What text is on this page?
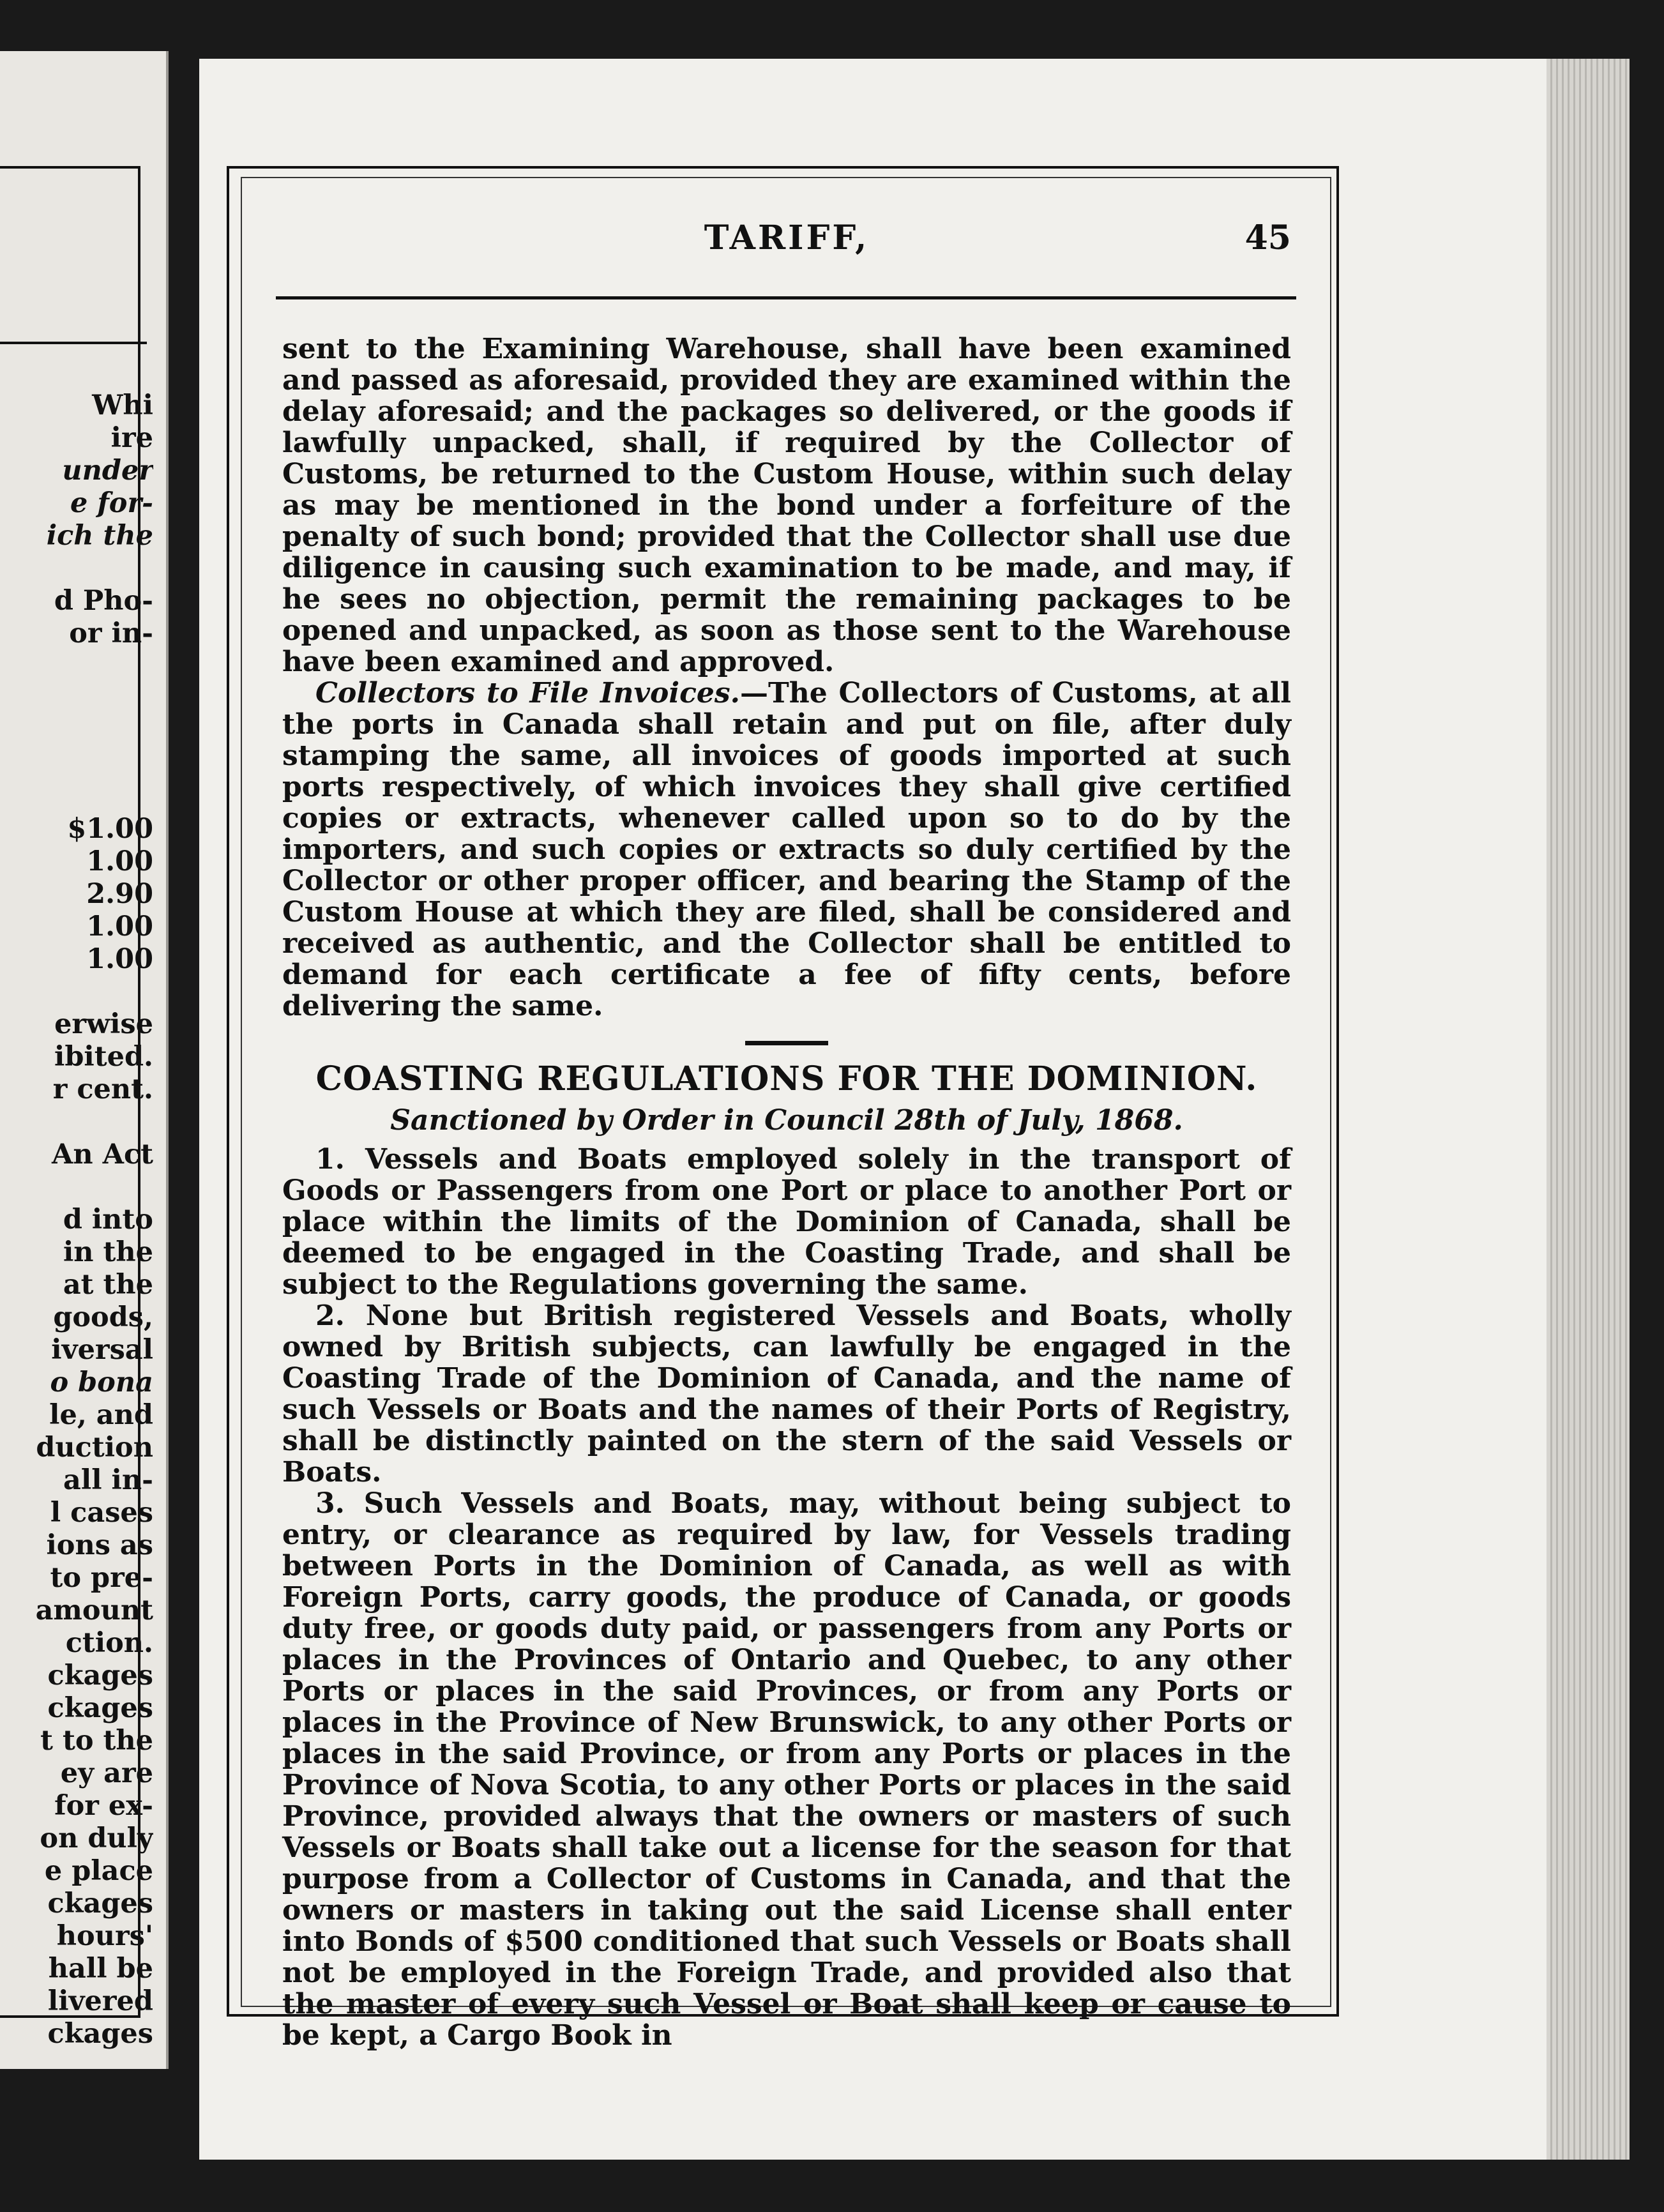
Whi
ire
under
e for-
ich the
d Pho-
or in-
$1.00
1.00
2.90
1.00
1.00
erwise
ibited.
r cent.
An Act
d into
in the
at the
goods,
iversal
o bona
le, and
duction
all in-
l cases
ions as
to pre-
amount
ction.
ckages
ckages
t to the
ey are
for ex-
on duly
e place
ckages
hours'
hall be
livered
ckages
TARIFF,	45

sent to the Examining Warehouse, shall have been examined and passed as aforesaid, provided they are examined within the delay aforesaid; and the packages so delivered, or the goods if lawfully unpacked, shall, if required by the Collector of Customs, be returned to the Custom House, within such delay as may be mentioned in the bond under a forfeiture of the penalty of such bond; provided that the Collector shall use due diligence in causing such examination to be made, and may, if he sees no objection, permit the remaining packages to be opened and unpacked, as soon as those sent to the Warehouse have been examined and approved.

Collectors to File Invoices.—The Collectors of Customs, at all the ports in Canada shall retain and put on file, after duly stamping the same, all invoices of goods imported at such ports respectively, of which invoices they shall give certified copies or extracts, whenever called upon so to do by the importers, and such copies or extracts so duly certified by the Collector or other proper officer, and bearing the Stamp of the Custom House at which they are filed, shall be considered and received as authentic, and the Collector shall be entitled to demand for each certificate a fee of fifty cents, before delivering the same.

COASTING REGULATIONS FOR THE DOMINION.

Sanctioned by Order in Council 28th of July, 1868.

1. Vessels and Boats employed solely in the transport of Goods or Passengers from one Port or place to another Port or place within the limits of the Dominion of Canada, shall be deemed to be engaged in the Coasting Trade, and shall be subject to the Regulations governing the same.

2. None but British registered Vessels and Boats, wholly owned by British subjects, can lawfully be engaged in the Coasting Trade of the Dominion of Canada, and the name of such Vessels or Boats and the names of their Ports of Registry, shall be distinctly painted on the stern of the said Vessels or Boats.

3. Such Vessels and Boats, may, without being subject to entry, or clearance as required by law, for Vessels trading between Ports in the Dominion of Canada, as well as with Foreign Ports, carry goods, the produce of Canada, or goods duty free, or goods duty paid, or passengers from any Ports or places in the Provinces of Ontario and Quebec, to any other Ports or places in the said Provinces, or from any Ports or places in the Province of New Brunswick, to any other Ports or places in the said Province, or from any Ports or places in the Province of Nova Scotia, to any other Ports or places in the said Province, provided always that the owners or masters of such Vessels or Boats shall take out a license for the season for that purpose from a Collector of Customs in Canada, and that the owners or masters in taking out the said License shall enter into Bonds of $500 conditioned that such Vessels or Boats shall not be employed in the Foreign Trade, and provided also that the master of every such Vessel or Boat shall keep or cause to be kept, a Cargo Book in
